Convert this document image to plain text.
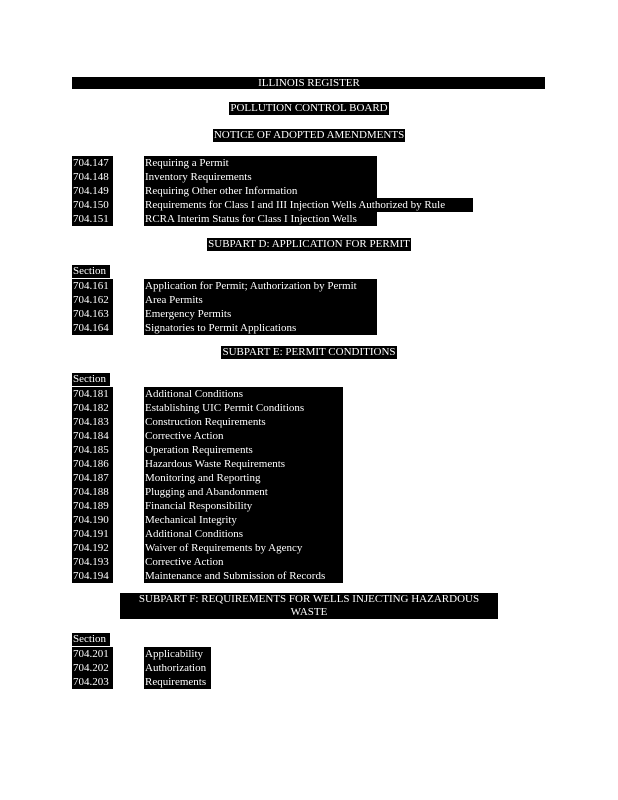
ILLINOIS REGISTER
POLLUTION CONTROL BOARD
NOTICE OF ADOPTED AMENDMENTS
704.147	Requiring a Permit
704.148	Inventory Requirements
704.149	Requiring Other other Information
704.150	Requirements for Class I and III Injection Wells Authorized by Rule
704.151	RCRA Interim Status for Class I Injection Wells
SUBPART D: APPLICATION FOR PERMIT
Section
704.161	Application for Permit; Authorization by Permit
704.162	Area Permits
704.163	Emergency Permits
704.164	Signatories to Permit Applications
SUBPART E: PERMIT CONDITIONS
Section
704.181	Additional Conditions
704.182	Establishing UIC Permit Conditions
704.183	Construction Requirements
704.184	Corrective Action
704.185	Operation Requirements
704.186	Hazardous Waste Requirements
704.187	Monitoring and Reporting
704.188	Plugging and Abandonment
704.189	Financial Responsibility
704.190	Mechanical Integrity
704.191	Additional Conditions
704.192	Waiver of Requirements by Agency
704.193	Corrective Action
704.194	Maintenance and Submission of Records
SUBPART F: REQUIREMENTS FOR WELLS INJECTING HAZARDOUS
WASTE
Section
704.201	Applicability
704.202	Authorization
704.203	Requirements
